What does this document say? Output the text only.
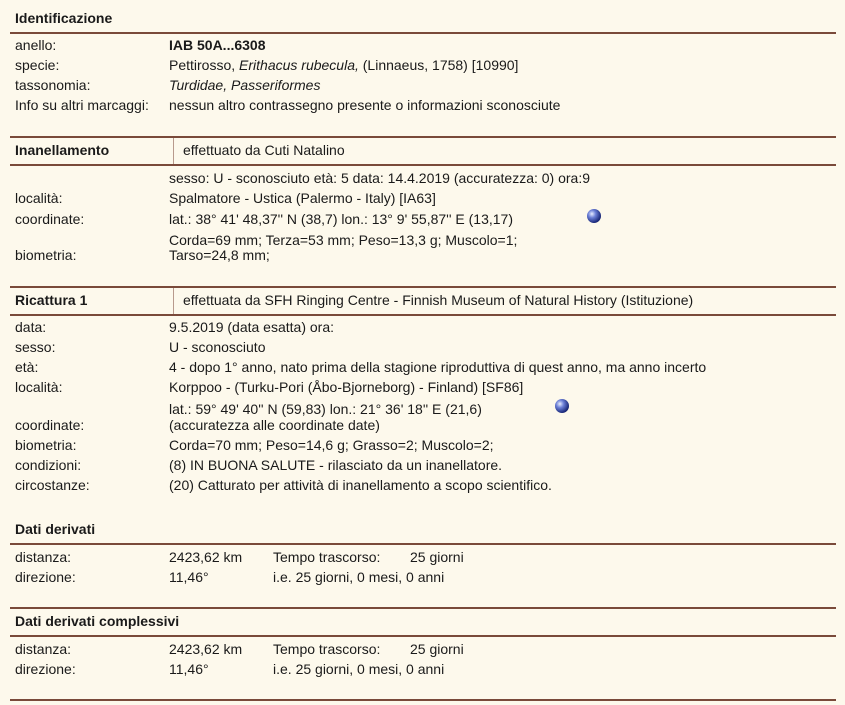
Identificazione
anello:	IAB 50A...6308
specie:	Pettirosso, Erithacus rubecula, (Linnaeus, 1758) [10990]
tassonomia:	Turdidae, Passeriformes
Info su altri marcaggi: nessun altro contrassegno presente o informazioni sconosciute
Inanellamento	effettuato da Cuti Natalino
sesso: U - sconosciuto età: 5 data: 14.4.2019 (accuratezza: 0) ora:9
località:	Spalmatore - Ustica (Palermo - Italy) [IA63]
coordinate:	lat.: 38° 41' 48,37'' N (38,7) lon.: 13° 9' 55,87'' E (13,17)
Corda=69 mm; Terza=53 mm; Peso=13,3 g; Muscolo=1;
biometria:	Tarso=24,8 mm;
Ricattura 1	effettuata da SFH Ringing Centre - Finnish Museum of Natural History (Istituzione)
data:	9.5.2019 (data esatta) ora:
sesso:	U - sconosciuto
età:	4 - dopo 1° anno, nato prima della stagione riproduttiva di quest anno, ma anno incerto
località:	Korppoo - (Turku-Pori (Åbo-Bjorneborg) - Finland) [SF86]
lat.: 59° 49' 40'' N (59,83) lon.: 21° 36' 18'' E (21,6)
coordinate:	(accuratezza alle coordinate date)
biometria:	Corda=70 mm; Peso=14,6 g; Grasso=2; Muscolo=2;
condizioni:	(8) IN BUONA SALUTE - rilasciato da un inanellatore.
circostanze:	(20) Catturato per attività di inanellamento a scopo scientifico.
Dati derivati
distanza:	2423,62 km Tempo trascorso: 25 giorni
direzione:	11,46°	i.e. 25 giorni, 0 mesi, 0 anni
Dati derivati complessivi
distanza:	2423,62 km Tempo trascorso: 25 giorni
direzione:	11,46°	i.e. 25 giorni, 0 mesi, 0 anni
